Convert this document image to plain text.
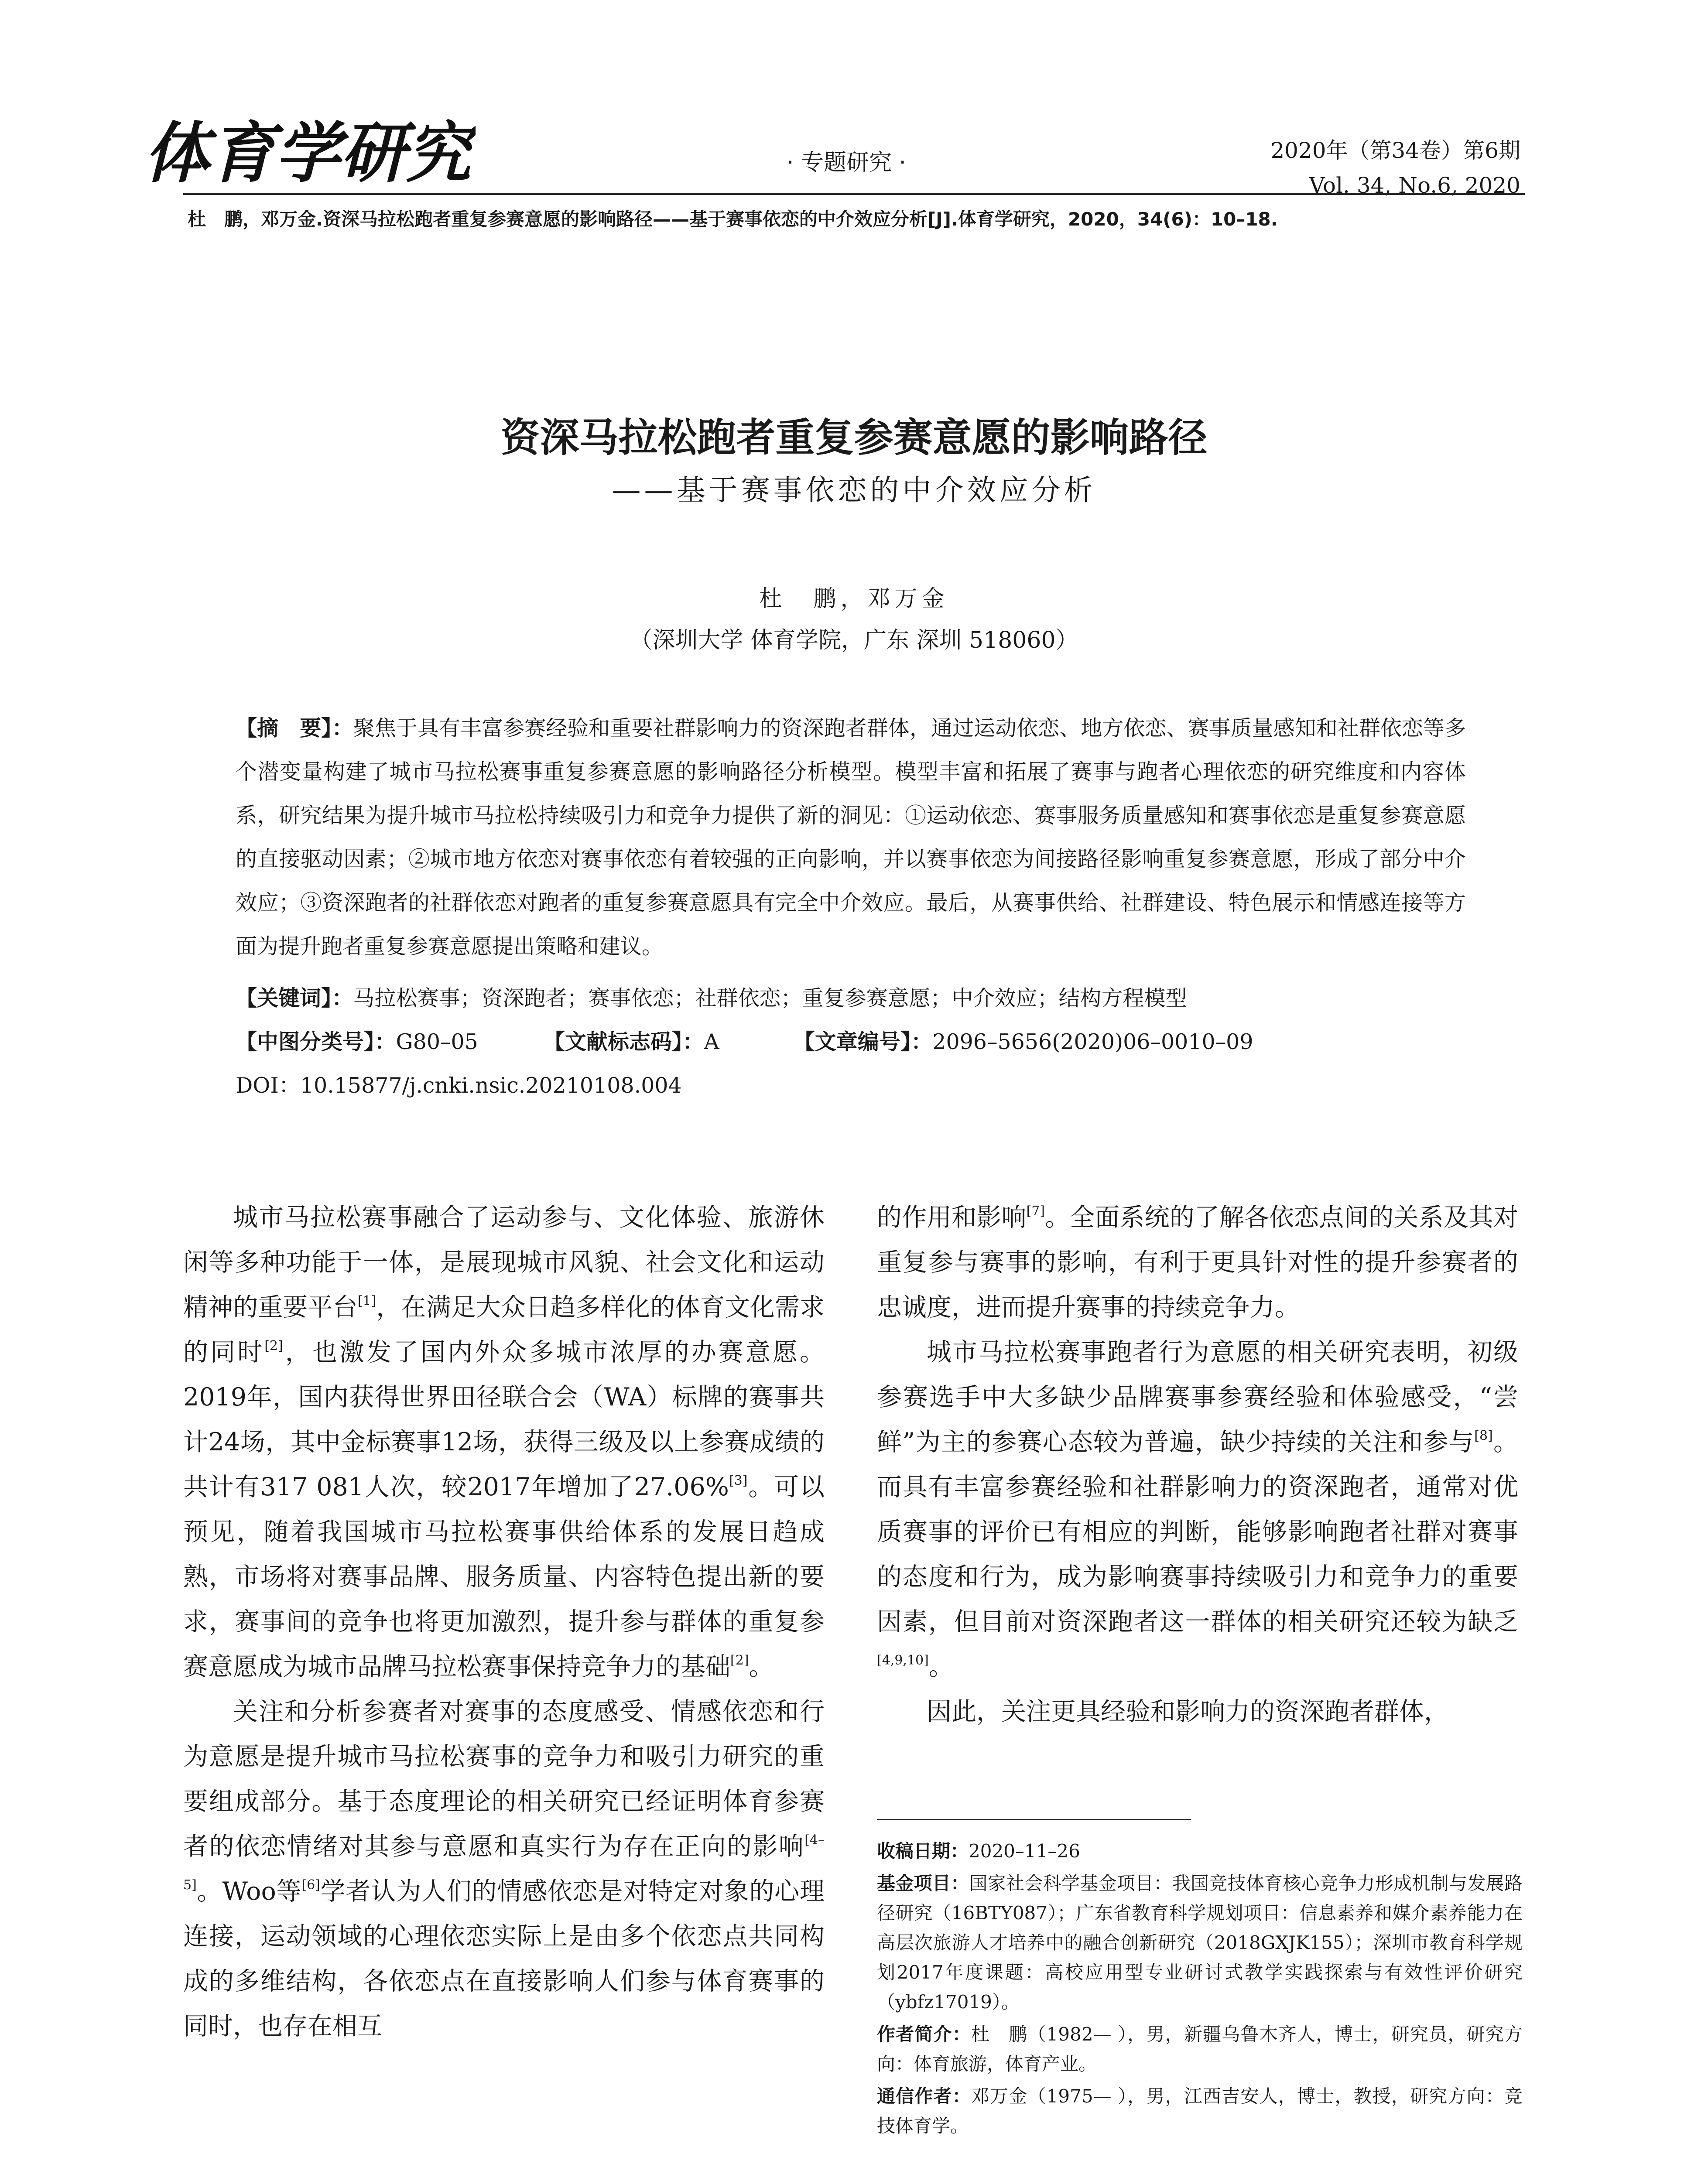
体育学研究	· 专题研究 ·	2020年（第34卷）第6期
Vol. 34, No.6, 2020
杜　鹏，邓万金.资深马拉松跑者重复参赛意愿的影响路径——基于赛事依恋的中介效应分析[J].体育学研究，2020，34(6)：10–18.
资深马拉松跑者重复参赛意愿的影响路径
——基于赛事依恋的中介效应分析
杜　鹏，邓万金
（深圳大学 体育学院，广东 深圳 518060）
【摘　要】：聚焦于具有丰富参赛经验和重要社群影响力的资深跑者群体，通过运动依恋、地方依恋、赛事质量感知和社群依恋等多个潜变量构建了城市马拉松赛事重复参赛意愿的影响路径分析模型。模型丰富和拓展了赛事与跑者心理依恋的研究维度和内容体系，研究结果为提升城市马拉松持续吸引力和竞争力提供了新的洞见：①运动依恋、赛事服务质量感知和赛事依恋是重复参赛意愿的直接驱动因素；②城市地方依恋对赛事依恋有着较强的正向影响，并以赛事依恋为间接路径影响重复参赛意愿，形成了部分中介效应；③资深跑者的社群依恋对跑者的重复参赛意愿具有完全中介效应。最后，从赛事供给、社群建设、特色展示和情感连接等方面为提升跑者重复参赛意愿提出策略和建议。
【关键词】：马拉松赛事；资深跑者；赛事依恋；社群依恋；重复参赛意愿；中介效应；结构方程模型
【中图分类号】：G80–05	【文献标志码】：A	【文章编号】：2096–5656(2020)06–0010–09
DOI：10.15877/j.cnki.nsic.20210108.004

城市马拉松赛事融合了运动参与、文化体验、旅游休闲等多种功能于一体，是展现城市风貌、社会文化和运动精神的重要平台[1]，在满足大众日趋多样化的体育文化需求的同时[2]，也激发了国内外众多城市浓厚的办赛意愿。2019年，国内获得世界田径联合会（WA）标牌的赛事共计24场，其中金标赛事12场，获得三级及以上参赛成绩的共计有317 081人次，较2017年增加了27.06%[3]。可以预见，随着我国城市马拉松赛事供给体系的发展日趋成熟，市场将对赛事品牌、服务质量、内容特色提出新的要求，赛事间的竞争也将更加激烈，提升参与群体的重复参赛意愿成为城市品牌马拉松赛事保持竞争力的基础[2]。

关注和分析参赛者对赛事的态度感受、情感依恋和行为意愿是提升城市马拉松赛事的竞争力和吸引力研究的重要组成部分。基于态度理论的相关研究已经证明体育参赛者的依恋情绪对其参与意愿和真实行为存在正向的影响[4–5]。Woo等[6]学者认为人们的情感依恋是对特定对象的心理连接，运动领域的心理依恋实际上是由多个依恋点共同构成的多维结构，各依恋点在直接影响人们参与体育赛事的同时，也存在相互

的作用和影响[7]。全面系统的了解各依恋点间的关系及其对重复参与赛事的影响，有利于更具针对性的提升参赛者的忠诚度，进而提升赛事的持续竞争力。

城市马拉松赛事跑者行为意愿的相关研究表明，初级参赛选手中大多缺少品牌赛事参赛经验和体验感受，“尝鲜”为主的参赛心态较为普遍，缺少持续的关注和参与[8]。而具有丰富参赛经验和社群影响力的资深跑者，通常对优质赛事的评价已有相应的判断，能够影响跑者社群对赛事的态度和行为，成为影响赛事持续吸引力和竞争力的重要因素，但目前对资深跑者这一群体的相关研究还较为缺乏[4,9,10]。

因此，关注更具经验和影响力的资深跑者群体，

收稿日期：2020–11–26
基金项目：国家社会科学基金项目：我国竞技体育核心竞争力形成机制与发展路径研究（16BTY087）；广东省教育科学规划项目：信息素养和媒介素养能力在高层次旅游人才培养中的融合创新研究（2018GXJK155）；深圳市教育科学规划2017年度课题：高校应用型专业研讨式教学实践探索与有效性评价研究（ybfz17019）。
作者简介：杜　鹏（1982— ），男，新疆乌鲁木齐人，博士，研究员，研究方向：体育旅游，体育产业。
通信作者：邓万金（1975— ），男，江西吉安人，博士，教授，研究方向：竞技体育学。
